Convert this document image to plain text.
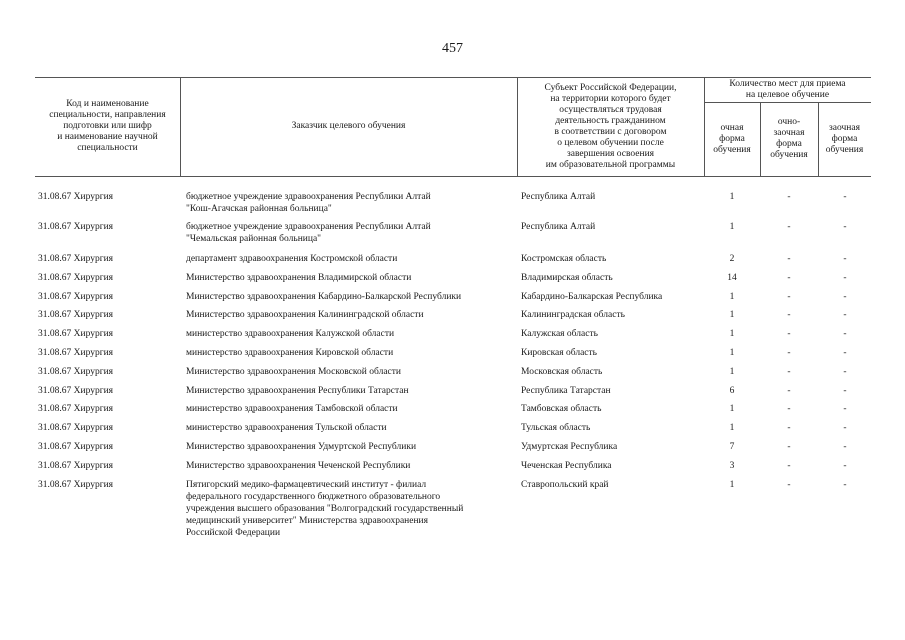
457
Код и наименование
специальности, направления
подготовки или шифр
и наименование научной
специальности
Заказчик целевого обучения
Субъект Российской Федерации,
на территории которого будет
осуществляться трудовая
деятельность гражданином
в соответствии с договором
о целевом обучении после
завершения освоения
им образовательной программы
Количество мест для приема
на целевое обучение
очная
форма
обучения
очно-
заочная
форма
обучения
заочная
форма
обучения
31.08.67 Хирургия	бюджетное учреждение здравоохранения Республики Алтай
"Кош-Агачская районная больница"
Республика Алтай	1	-	-
31.08.67 Хирургия	бюджетное учреждение здравоохранения Республики Алтай
"Чемальская районная больница"
Республика Алтай	1	-	-
31.08.67 Хирургия	департамент здравоохранения Костромской области	Костромская область	2	-	-
31.08.67 Хирургия	Министерство здравоохранения Владимирской области	Владимирская область	14	-	-
31.08.67 Хирургия	Министерство здравоохранения Кабардино-Балкарской Республики	Кабардино-Балкарская Республика	1	-	-
31.08.67 Хирургия	Министерство здравоохранения Калининградской области	Калининградская область	1	-	-
31.08.67 Хирургия	министерство здравоохранения Калужской области	Калужская область	1	-	-
31.08.67 Хирургия	министерство здравоохранения Кировской области	Кировская область	1	-	-
31.08.67 Хирургия	Министерство здравоохранения Московской области	Московская область	1	-	-
31.08.67 Хирургия	Министерство здравоохранения Республики Татарстан	Республика Татарстан	6	-	-
31.08.67 Хирургия	министерство здравоохранения Тамбовской области	Тамбовская область	1	-	-
31.08.67 Хирургия	министерство здравоохранения Тульской области	Тульская область	1	-	-
31.08.67 Хирургия	Министерство здравоохранения Удмуртской Республики	Удмуртская Республика	7	-	-
31.08.67 Хирургия	Министерство здравоохранения Чеченской Республики	Чеченская Республика	3	-	-
31.08.67 Хирургия	Пятигорский медико-фармацевтический институт - филиал
федерального государственного бюджетного образовательного
учреждения высшего образования "Волгоградский государственный
медицинский университет" Министерства здравоохранения
Российской Федерации
Ставропольский край	1	-	-
